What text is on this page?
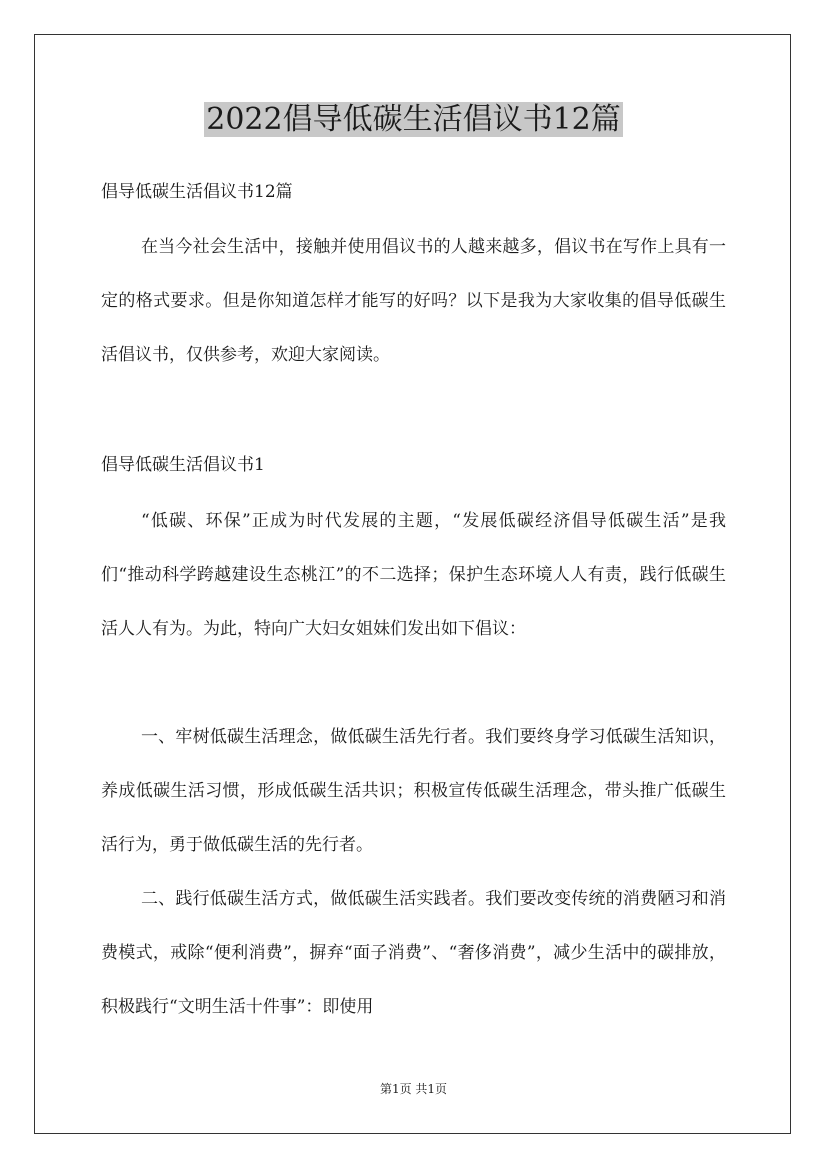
2022倡导低碳生活倡议书12篇
倡导低碳生活倡议书12篇

在当今社会生活中，接触并使用倡议书的人越来越多，倡议书在写作上具有一定的格式要求。但是你知道怎样才能写的好吗？以下是我为大家收集的倡导低碳生活倡议书，仅供参考，欢迎大家阅读。

倡导低碳生活倡议书1

“低碳、环保”正成为时代发展的主题，“发展低碳经济倡导低碳生活”是我们“推动科学跨越建设生态桃江”的不二选择；保护生态环境人人有责，践行低碳生活人人有为。为此，特向广大妇女姐妹们发出如下倡议：

一、牢树低碳生活理念，做低碳生活先行者。我们要终身学习低碳生活知识，养成低碳生活习惯，形成低碳生活共识；积极宣传低碳生活理念，带头推广低碳生活行为，勇于做低碳生活的先行者。

二、践行低碳生活方式，做低碳生活实践者。我们要改变传统的消费陋习和消费模式，戒除“便利消费”，摒弃“面子消费”、“奢侈消费”，减少生活中的碳排放，积极践行“文明生活十件事”：即使用

第1页 共1页
